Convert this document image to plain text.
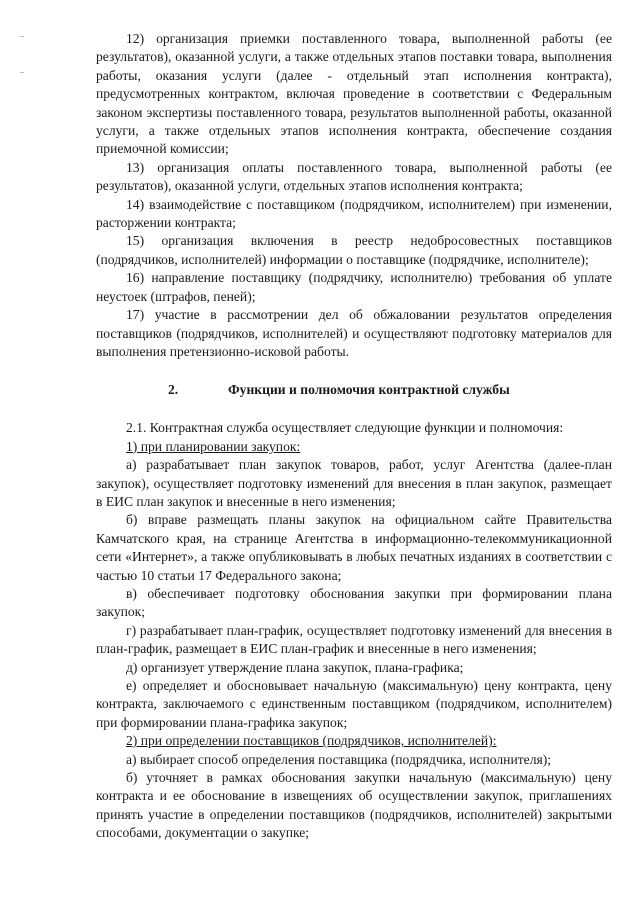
12) организация приемки поставленного товара, выполненной работы (ее результатов), оказанной услуги, а также отдельных этапов поставки товара, выполнения работы, оказания услуги (далее - отдельный этап исполнения контракта), предусмотренных контрактом, включая проведение в соответствии с Федеральным законом экспертизы поставленного товара, результатов выполненной работы, оказанной услуги, а также отдельных этапов исполнения контракта, обеспечение создания приемочной комиссии;

13) организация оплаты поставленного товара, выполненной работы (ее результатов), оказанной услуги, отдельных этапов исполнения контракта;

14) взаимодействие с поставщиком (подрядчиком, исполнителем) при изменении, расторжении контракта;

15) организация включения в реестр недобросовестных поставщиков (подрядчиков, исполнителей) информации о поставщике (подрядчике, исполнителе);

16) направление поставщику (подрядчику, исполнителю) требования об уплате неустоек (штрафов, пеней);

17) участие в рассмотрении дел об обжаловании результатов определения поставщиков (подрядчиков, исполнителей) и осуществляют подготовку материалов для выполнения претензионно-исковой работы.

2.	Функции и полномочия контрактной службы

2.1. Контрактная служба осуществляет следующие функции и полномочия:

1) при планировании закупок:

а) разрабатывает план закупок товаров, работ, услуг Агентства (далее-план закупок), осуществляет подготовку изменений для внесения в план закупок, размещает в ЕИС план закупок и внесенные в него изменения;

б) вправе размещать планы закупок на официальном сайте Правительства Камчатского края, на странице Агентства в информационно-телекоммуникационной сети «Интернет», а также опубликовывать в любых печатных изданиях в соответствии с частью 10 статьи 17 Федерального закона;

в) обеспечивает подготовку обоснования закупки при формировании плана закупок;

г) разрабатывает план-график, осуществляет подготовку изменений для внесения в план-график, размещает в ЕИС план-график и внесенные в него изменения;

д) организует утверждение плана закупок, плана-графика;

е) определяет и обосновывает начальную (максимальную) цену контракта, цену контракта, заключаемого с единственным поставщиком (подрядчиком, исполнителем) при формировании плана-графика закупок;

2) при определении поставщиков (подрядчиков, исполнителей):

а) выбирает способ определения поставщика (подрядчика, исполнителя);

б) уточняет в рамках обоснования закупки начальную (максимальную) цену контракта и ее обоснование в извещениях об осуществлении закупок, приглашениях принять участие в определении поставщиков (подрядчиков, исполнителей) закрытыми способами, документации о закупке;
